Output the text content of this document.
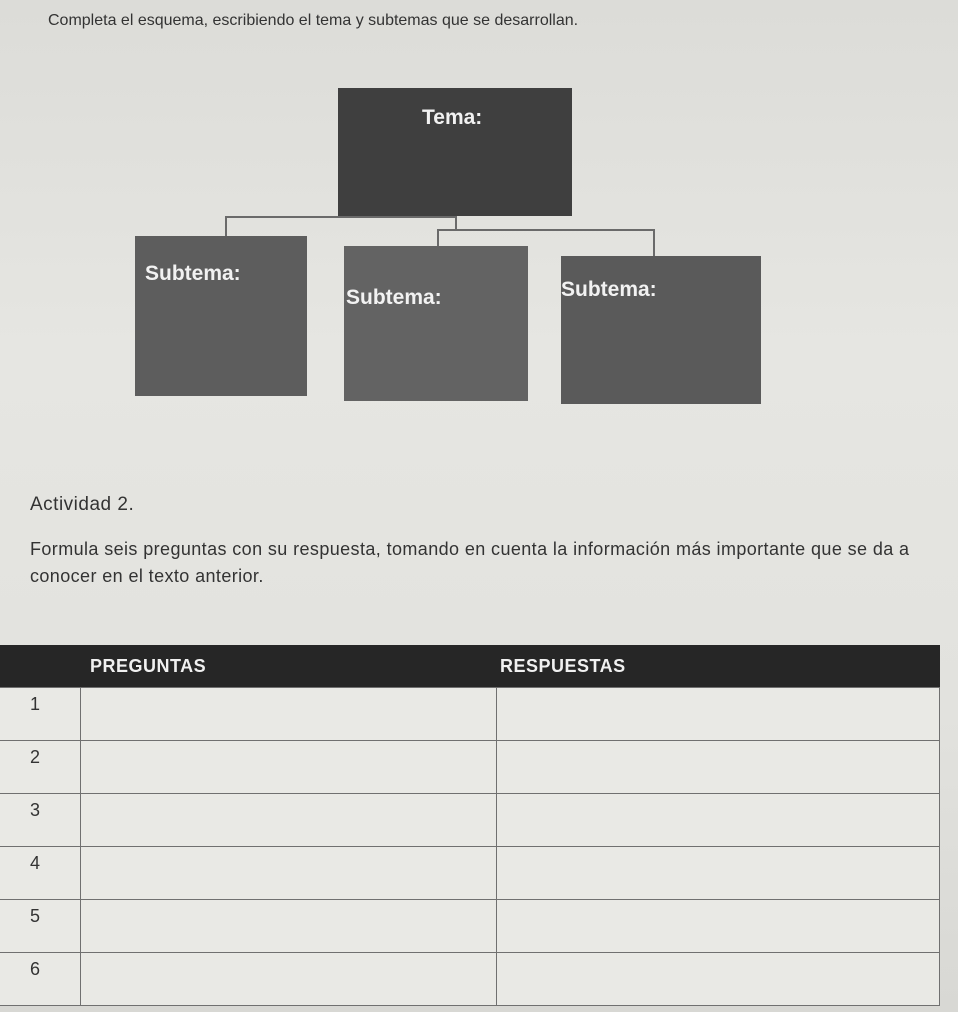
Completa el esquema, escribiendo el tema y subtemas que se desarrollan.

Tema:
Subtema:
Subtema:	Subtema:

Actividad 2.

Formula seis preguntas con su respuesta, tomando en cuenta la información más importante que se da a conocer en el texto anterior.

PREGUNTAS		RESPUESTAS
1		
2		
3		
4		
5		
6		
